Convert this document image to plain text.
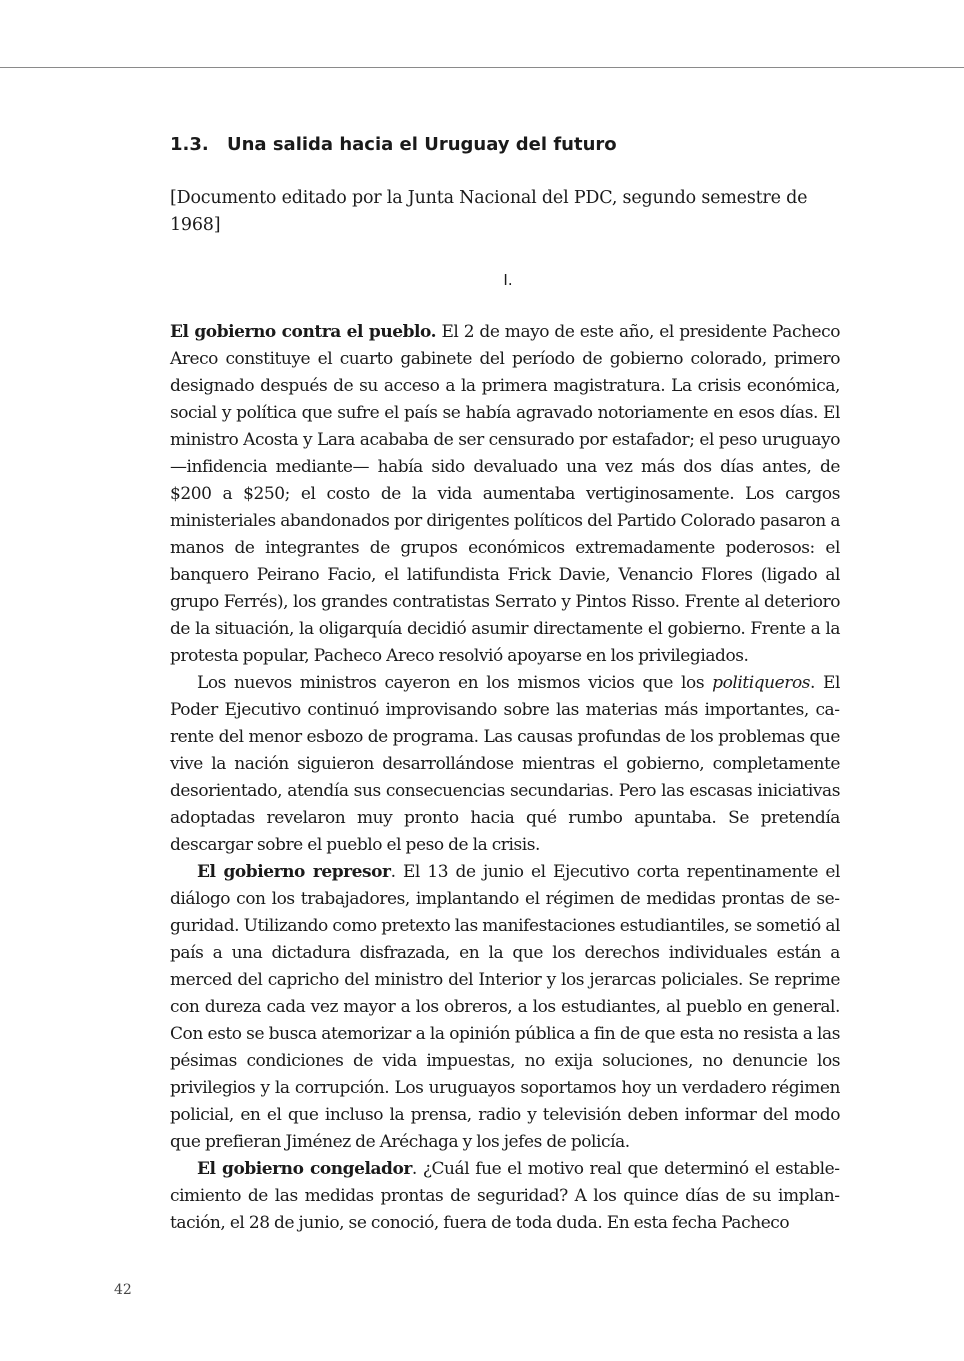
1.3. Una salida hacia el Uruguay del futuro

[Documento editado por la Junta Nacional del PDC, segundo semestre de 1968]

I.

El gobierno contra el pueblo. El 2 de mayo de este año, el presidente Pacheco Areco constituye el cuarto gabinete del período de gobierno colorado, primero designado después de su acceso a la primera magistratura. La crisis económica, social y política que sufre el país se había agravado notoriamente en esos días. El ministro Acosta y Lara acababa de ser censurado por estafador; el peso uruguayo —infidencia mediante— había sido devaluado una vez más dos días antes, de $200 a $250; el costo de la vida aumentaba vertiginosamente. Los cargos ministeriales abandonados por dirigentes políticos del Partido Colorado pasaron a manos de integrantes de grupos económicos extremadamente poderosos: el banquero Peirano Facio, el latifundista Frick Davie, Venancio Flores (ligado al grupo Ferrés), los grandes contratistas Serrato y Pintos Risso. Frente al deterioro de la situación, la oligarquía decidió asumir directamente el gobierno. Frente a la protesta popular, Pacheco Areco resolvió apoyarse en los privilegiados.

Los nuevos ministros cayeron en los mismos vicios que los politiqueros. El Poder Ejecutivo continuó improvisando sobre las materias más importantes, carente del menor esbozo de programa. Las causas profundas de los problemas que vive la nación siguieron desarrollándose mientras el gobierno, completamente desorientado, atendía sus consecuencias secundarias. Pero las escasas iniciativas adoptadas revelaron muy pronto hacia qué rumbo apuntaba. Se pretendía descargar sobre el pueblo el peso de la crisis.

El gobierno represor. El 13 de junio el Ejecutivo corta repentinamente el diálogo con los trabajadores, implantando el régimen de medidas prontas de seguridad. Utilizando como pretexto las manifestaciones estudiantiles, se sometió al país a una dictadura disfrazada, en la que los derechos individuales están a merced del capricho del ministro del Interior y los jerarcas policiales. Se reprime con dureza cada vez mayor a los obreros, a los estudiantes, al pueblo en general. Con esto se busca atemorizar a la opinión pública a fin de que esta no resista a las pésimas condiciones de vida impuestas, no exija soluciones, no denuncie los privilegios y la corrupción. Los uruguayos soportamos hoy un verdadero régimen policial, en el que incluso la prensa, radio y televisión deben informar del modo que prefieran Jiménez de Aréchaga y los jefes de policía.

El gobierno congelador. ¿Cuál fue el motivo real que determinó el establecimiento de las medidas prontas de seguridad? A los quince días de su implantación, el 28 de junio, se conoció, fuera de toda duda. En esta fecha Pacheco

42
